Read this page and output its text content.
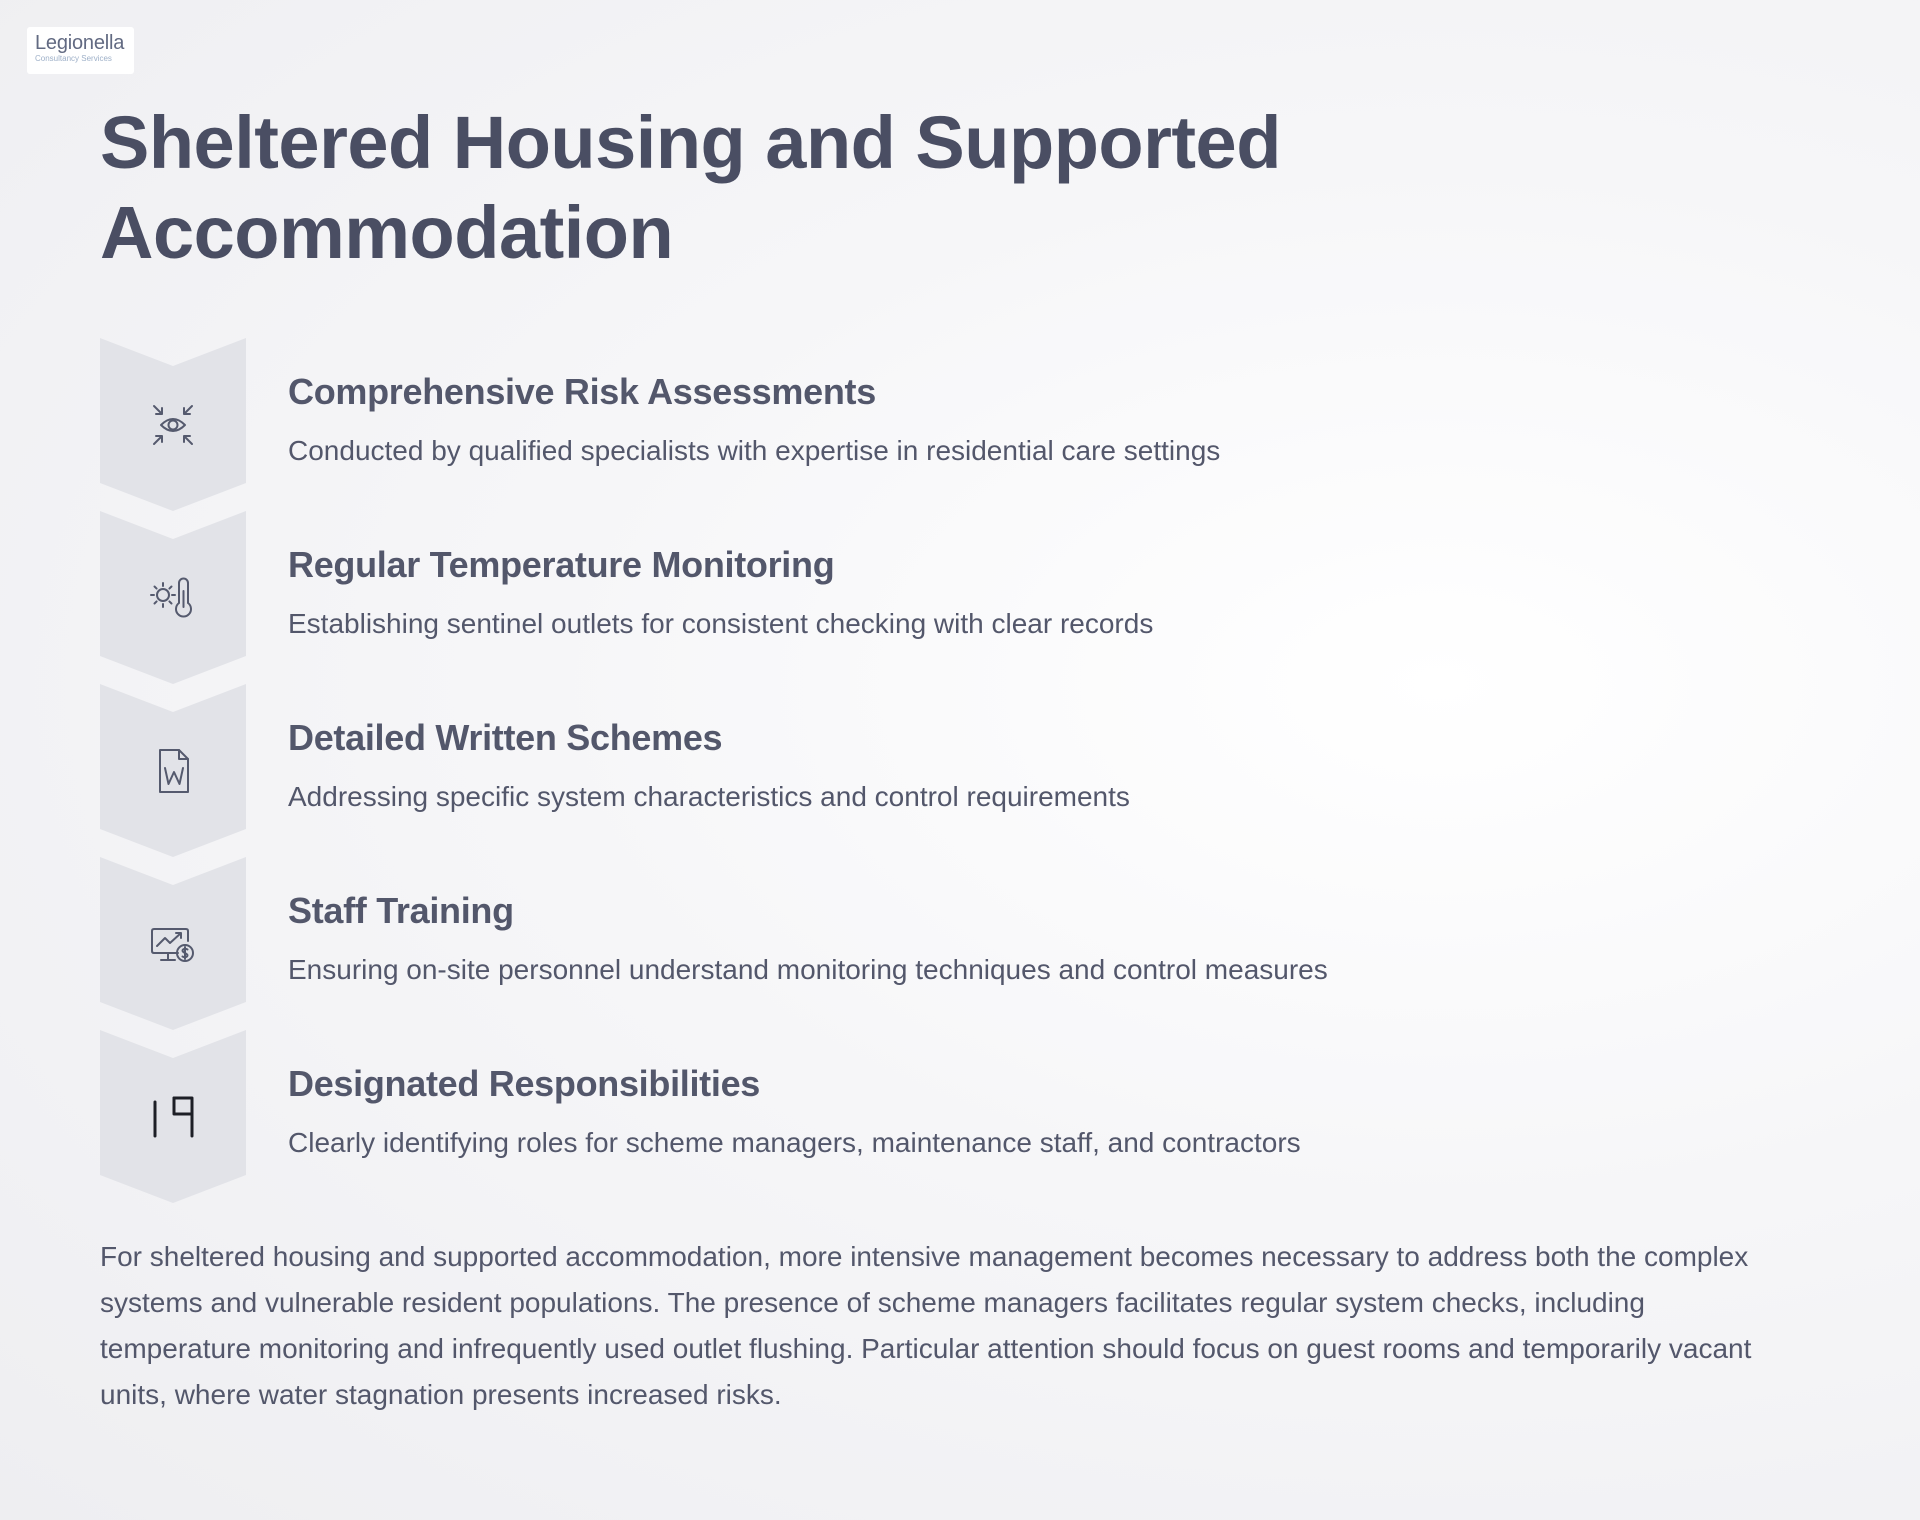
Legionella
Consultancy Services
Sheltered Housing and Supported Accommodation
Comprehensive Risk Assessments
Conducted by qualified specialists with expertise in residential care settings
Regular Temperature Monitoring
Establishing sentinel outlets for consistent checking with clear records
Detailed Written Schemes
Addressing specific system characteristics and control requirements
Staff Training
Ensuring on-site personnel understand monitoring techniques and control measures
Designated Responsibilities
Clearly identifying roles for scheme managers, maintenance staff, and contractors

For sheltered housing and supported accommodation, more intensive management becomes necessary to address both the complex systems and vulnerable resident populations. The presence of scheme managers facilitates regular system checks, including temperature monitoring and infrequently used outlet flushing. Particular attention should focus on guest rooms and temporarily vacant units, where water stagnation presents increased risks.
